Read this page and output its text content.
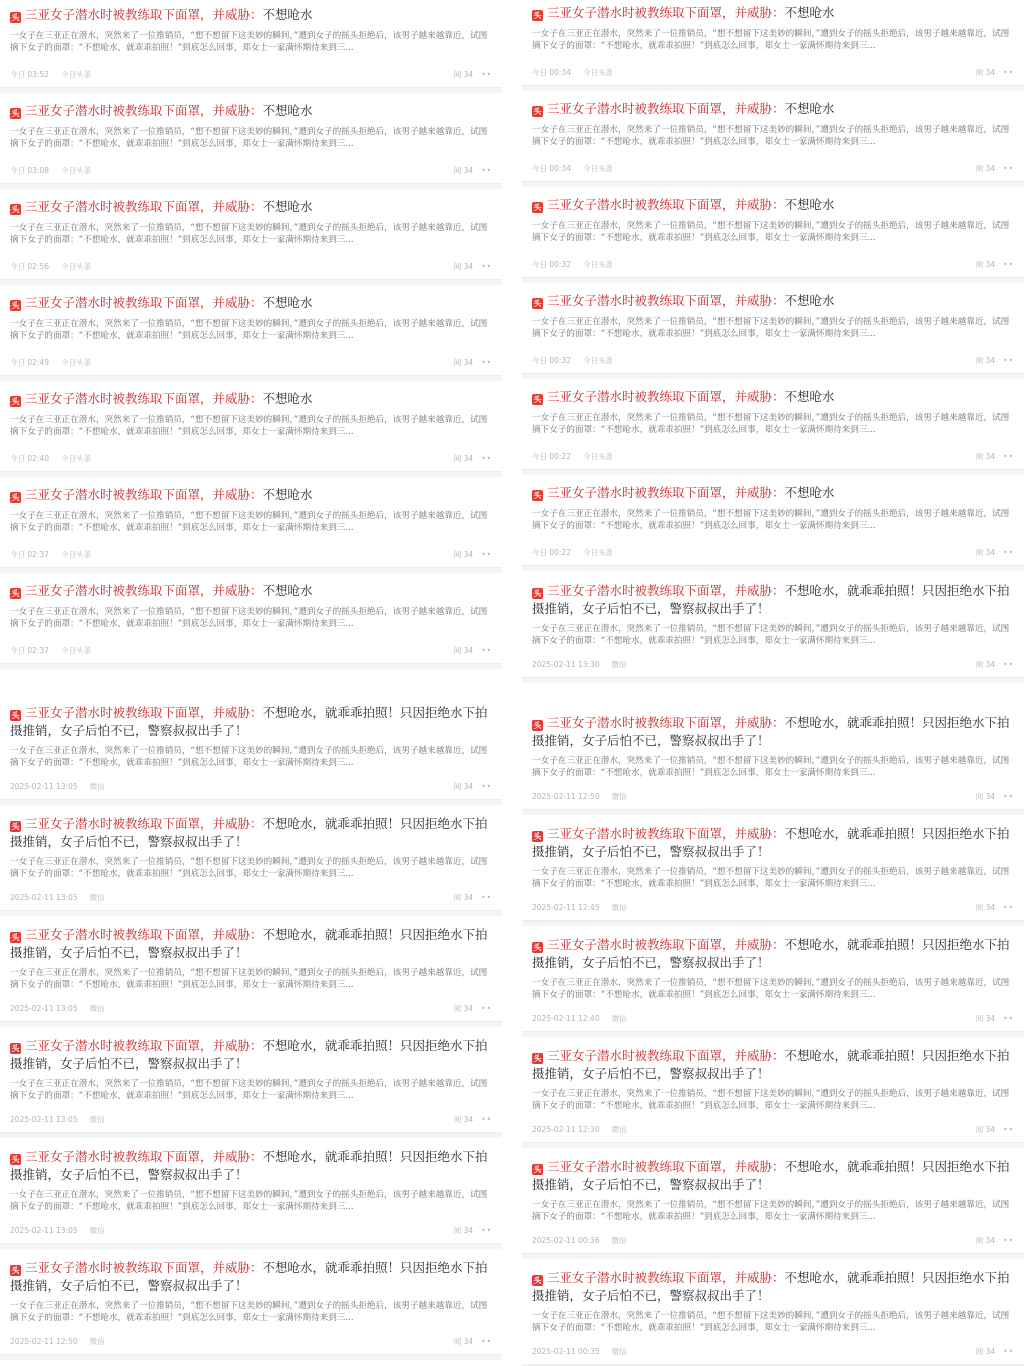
头 三亚女子潜水时被教练取下面罩，并威胁：不想呛水
一女子在三亚正在潜水，突然来了一位推销员，“想不想留下这美妙的瞬间，”遭到女子的摇头拒绝后，该男子越来越靠近，试图摘下女子的面罩：“不想呛水，就乖乖拍照！”到底怎么回事，郑女士一家满怀期待来到三...
今日 03:52 今日头条	阅 34 ••
头 三亚女子潜水时被教练取下面罩，并威胁：不想呛水
一女子在三亚正在潜水，突然来了一位推销员，“想不想留下这美妙的瞬间，”遭到女子的摇头拒绝后，该男子越来越靠近，试图摘下女子的面罩：“不想呛水，就乖乖拍照！”到底怎么回事，郑女士一家满怀期待来到三...
今日 03:08 今日头条	阅 34 ••
头 三亚女子潜水时被教练取下面罩，并威胁：不想呛水
一女子在三亚正在潜水，突然来了一位推销员，“想不想留下这美妙的瞬间，”遭到女子的摇头拒绝后，该男子越来越靠近，试图摘下女子的面罩：“不想呛水，就乖乖拍照！”到底怎么回事，郑女士一家满怀期待来到三...
今日 02:56 今日头条	阅 34 ••
头 三亚女子潜水时被教练取下面罩，并威胁：不想呛水
一女子在三亚正在潜水，突然来了一位推销员，“想不想留下这美妙的瞬间，”遭到女子的摇头拒绝后，该男子越来越靠近，试图摘下女子的面罩：“不想呛水，就乖乖拍照！”到底怎么回事，郑女士一家满怀期待来到三...
今日 02:49 今日头条	阅 34 ••
头 三亚女子潜水时被教练取下面罩，并威胁：不想呛水
一女子在三亚正在潜水，突然来了一位推销员，“想不想留下这美妙的瞬间，”遭到女子的摇头拒绝后，该男子越来越靠近，试图摘下女子的面罩：“不想呛水，就乖乖拍照！”到底怎么回事，郑女士一家满怀期待来到三...
今日 02:40 今日头条	阅 34 ••
头 三亚女子潜水时被教练取下面罩，并威胁：不想呛水
一女子在三亚正在潜水，突然来了一位推销员，“想不想留下这美妙的瞬间，”遭到女子的摇头拒绝后，该男子越来越靠近，试图摘下女子的面罩：“不想呛水，就乖乖拍照！”到底怎么回事，郑女士一家满怀期待来到三...
今日 02:37 今日头条	阅 34 ••
头 三亚女子潜水时被教练取下面罩，并威胁：不想呛水
一女子在三亚正在潜水，突然来了一位推销员，“想不想留下这美妙的瞬间，”遭到女子的摇头拒绝后，该男子越来越靠近，试图摘下女子的面罩：“不想呛水，就乖乖拍照！”到底怎么回事，郑女士一家满怀期待来到三...
今日 02:37 今日头条	阅 34 ••
头 三亚女子潜水时被教练取下面罩，并威胁：不想呛水，就乖乖拍照！只因拒绝水下拍摄推销，女子后怕不已，警察叔叔出手了！
一女子在三亚正在潜水，突然来了一位推销员，“想不想留下这美妙的瞬间，”遭到女子的摇头拒绝后，该男子越来越靠近，试图摘下女子的面罩：“不想呛水，就乖乖拍照！”到底怎么回事，郑女士一家满怀期待来到三...
2025-02-11 13:05 微信	阅 34 ••
头 三亚女子潜水时被教练取下面罩，并威胁：不想呛水，就乖乖拍照！只因拒绝水下拍摄推销，女子后怕不已，警察叔叔出手了！
一女子在三亚正在潜水，突然来了一位推销员，“想不想留下这美妙的瞬间，”遭到女子的摇头拒绝后，该男子越来越靠近，试图摘下女子的面罩：“不想呛水，就乖乖拍照！”到底怎么回事，郑女士一家满怀期待来到三...
2025-02-11 13:05 微信	阅 34 ••
头 三亚女子潜水时被教练取下面罩，并威胁：不想呛水，就乖乖拍照！只因拒绝水下拍摄推销，女子后怕不已，警察叔叔出手了！
一女子在三亚正在潜水，突然来了一位推销员，“想不想留下这美妙的瞬间，”遭到女子的摇头拒绝后，该男子越来越靠近，试图摘下女子的面罩：“不想呛水，就乖乖拍照！”到底怎么回事，郑女士一家满怀期待来到三...
2025-02-11 13:05 微信	阅 34 ••
头 三亚女子潜水时被教练取下面罩，并威胁：不想呛水，就乖乖拍照！只因拒绝水下拍摄推销，女子后怕不已，警察叔叔出手了！
一女子在三亚正在潜水，突然来了一位推销员，“想不想留下这美妙的瞬间，”遭到女子的摇头拒绝后，该男子越来越靠近，试图摘下女子的面罩：“不想呛水，就乖乖拍照！”到底怎么回事，郑女士一家满怀期待来到三...
2025-02-11 13:05 微信	阅 34 ••
头 三亚女子潜水时被教练取下面罩，并威胁：不想呛水，就乖乖拍照！只因拒绝水下拍摄推销，女子后怕不已，警察叔叔出手了！
一女子在三亚正在潜水，突然来了一位推销员，“想不想留下这美妙的瞬间，”遭到女子的摇头拒绝后，该男子越来越靠近，试图摘下女子的面罩：“不想呛水，就乖乖拍照！”到底怎么回事，郑女士一家满怀期待来到三...
2025-02-11 13:05 微信	阅 34 ••
头 三亚女子潜水时被教练取下面罩，并威胁：不想呛水，就乖乖拍照！只因拒绝水下拍摄推销，女子后怕不已，警察叔叔出手了！
一女子在三亚正在潜水，突然来了一位推销员，“想不想留下这美妙的瞬间，”遭到女子的摇头拒绝后，该男子越来越靠近，试图摘下女子的面罩：“不想呛水，就乖乖拍照！”到底怎么回事，郑女士一家满怀期待来到三...
2025-02-11 12:50 微信	阅 34 ••
头 三亚女子潜水时被教练取下面罩，并威胁：不想呛水
一女子在三亚正在潜水，突然来了一位推销员，“想不想留下这美妙的瞬间，”遭到女子的摇头拒绝后，该男子越来越靠近，试图摘下女子的面罩：“不想呛水，就乖乖拍照！”到底怎么回事，郑女士一家满怀期待来到三...
今日 00:34 今日头条	阅 34 ••
头 三亚女子潜水时被教练取下面罩，并威胁：不想呛水
一女子在三亚正在潜水，突然来了一位推销员，“想不想留下这美妙的瞬间，”遭到女子的摇头拒绝后，该男子越来越靠近，试图摘下女子的面罩：“不想呛水，就乖乖拍照！”到底怎么回事，郑女士一家满怀期待来到三...
今日 00:34 今日头条	阅 34 ••
头 三亚女子潜水时被教练取下面罩，并威胁：不想呛水
一女子在三亚正在潜水，突然来了一位推销员，“想不想留下这美妙的瞬间，”遭到女子的摇头拒绝后，该男子越来越靠近，试图摘下女子的面罩：“不想呛水，就乖乖拍照！”到底怎么回事，郑女士一家满怀期待来到三...
今日 00:32 今日头条	阅 34 ••
头 三亚女子潜水时被教练取下面罩，并威胁：不想呛水
一女子在三亚正在潜水，突然来了一位推销员，“想不想留下这美妙的瞬间，”遭到女子的摇头拒绝后，该男子越来越靠近，试图摘下女子的面罩：“不想呛水，就乖乖拍照！”到底怎么回事，郑女士一家满怀期待来到三...
今日 00:32 今日头条	阅 34 ••
头 三亚女子潜水时被教练取下面罩，并威胁：不想呛水
一女子在三亚正在潜水，突然来了一位推销员，“想不想留下这美妙的瞬间，”遭到女子的摇头拒绝后，该男子越来越靠近，试图摘下女子的面罩：“不想呛水，就乖乖拍照！”到底怎么回事，郑女士一家满怀期待来到三...
今日 00:22 今日头条	阅 34 ••
头 三亚女子潜水时被教练取下面罩，并威胁：不想呛水
一女子在三亚正在潜水，突然来了一位推销员，“想不想留下这美妙的瞬间，”遭到女子的摇头拒绝后，该男子越来越靠近，试图摘下女子的面罩：“不想呛水，就乖乖拍照！”到底怎么回事，郑女士一家满怀期待来到三...
今日 00:22 今日头条	阅 34 ••
头 三亚女子潜水时被教练取下面罩，并威胁：不想呛水，就乖乖拍照！只因拒绝水下拍摄推销，女子后怕不已，警察叔叔出手了！
一女子在三亚正在潜水，突然来了一位推销员，“想不想留下这美妙的瞬间，”遭到女子的摇头拒绝后，该男子越来越靠近，试图摘下女子的面罩：“不想呛水，就乖乖拍照！”到底怎么回事，郑女士一家满怀期待来到三...
2025-02-11 13:30 微信	阅 34 ••
头 三亚女子潜水时被教练取下面罩，并威胁：不想呛水，就乖乖拍照！只因拒绝水下拍摄推销，女子后怕不已，警察叔叔出手了！
一女子在三亚正在潜水，突然来了一位推销员，“想不想留下这美妙的瞬间，”遭到女子的摇头拒绝后，该男子越来越靠近，试图摘下女子的面罩：“不想呛水，就乖乖拍照！”到底怎么回事，郑女士一家满怀期待来到三...
2025-02-11 12:50 微信	阅 34 ••
头 三亚女子潜水时被教练取下面罩，并威胁：不想呛水，就乖乖拍照！只因拒绝水下拍摄推销，女子后怕不已，警察叔叔出手了！
一女子在三亚正在潜水，突然来了一位推销员，“想不想留下这美妙的瞬间，”遭到女子的摇头拒绝后，该男子越来越靠近，试图摘下女子的面罩：“不想呛水，就乖乖拍照！”到底怎么回事，郑女士一家满怀期待来到三...
2025-02-11 12:45 微信	阅 34 ••
头 三亚女子潜水时被教练取下面罩，并威胁：不想呛水，就乖乖拍照！只因拒绝水下拍摄推销，女子后怕不已，警察叔叔出手了！
一女子在三亚正在潜水，突然来了一位推销员，“想不想留下这美妙的瞬间，”遭到女子的摇头拒绝后，该男子越来越靠近，试图摘下女子的面罩：“不想呛水，就乖乖拍照！”到底怎么回事，郑女士一家满怀期待来到三...
2025-02-11 12:40 微信	阅 34 ••
头 三亚女子潜水时被教练取下面罩，并威胁：不想呛水，就乖乖拍照！只因拒绝水下拍摄推销，女子后怕不已，警察叔叔出手了！
一女子在三亚正在潜水，突然来了一位推销员，“想不想留下这美妙的瞬间，”遭到女子的摇头拒绝后，该男子越来越靠近，试图摘下女子的面罩：“不想呛水，就乖乖拍照！”到底怎么回事，郑女士一家满怀期待来到三...
2025-02-11 12:30 微信	阅 34 ••
头 三亚女子潜水时被教练取下面罩，并威胁：不想呛水，就乖乖拍照！只因拒绝水下拍摄推销，女子后怕不已，警察叔叔出手了！
一女子在三亚正在潜水，突然来了一位推销员，“想不想留下这美妙的瞬间，”遭到女子的摇头拒绝后，该男子越来越靠近，试图摘下女子的面罩：“不想呛水，就乖乖拍照！”到底怎么回事，郑女士一家满怀期待来到三...
2025-02-11 00:36 微信	阅 34 ••
头 三亚女子潜水时被教练取下面罩，并威胁：不想呛水，就乖乖拍照！只因拒绝水下拍摄推销，女子后怕不已，警察叔叔出手了！
一女子在三亚正在潜水，突然来了一位推销员，“想不想留下这美妙的瞬间，”遭到女子的摇头拒绝后，该男子越来越靠近，试图摘下女子的面罩：“不想呛水，就乖乖拍照！”到底怎么回事，郑女士一家满怀期待来到三...
2025-02-11 00:35 微信	阅 34 ••
